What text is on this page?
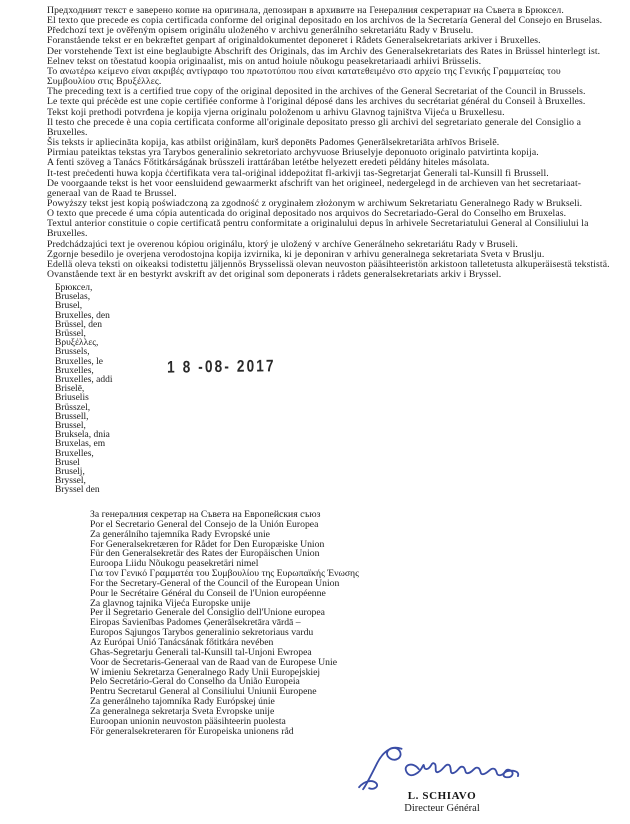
Предходният текст е заверено копие на оригинала, депозиран в архивите на Генералния секретариат на Съвета в Брюксел.
El texto que precede es copia certificada conforme del original depositado en los archivos de la Secretaría General del Consejo en Bruselas.
Předchozí text je ověřeným opisem originálu uloženého v archivu generálního sekretariátu Rady v Bruselu.
Foranstående tekst er en bekræftet genpart af originaldokumentet deponeret i Rådets Generalsekretariats arkiver i Bruxelles.
Der vorstehende Text ist eine beglaubigte Abschrift des Originals, das im Archiv des Generalsekretariats des Rates in Brüssel hinterlegt ist.
Eelnev tekst on tõestatud koopia originaalist, mis on antud hoiule nõukogu peasekretariaadi arhiivi Brüsselis.
Το ανωτέρω κείμενο είναι ακριβές αντίγραφο του πρωτοτύπου που είναι κατατεθειμένο στο αρχείο της Γενικής Γραμματείας του
Συμβουλίου στις Βρυξέλλες.
The preceding text is a certified true copy of the original deposited in the archives of the General Secretariat of the Council in Brussels.
Le texte qui précède est une copie certifiée conforme à l'original déposé dans les archives du secrétariat général du Conseil à Bruxelles.
Tekst koji prethodi potvrđena je kopija vjerna originalu položenom u arhivu Glavnog tajništva Vijeća u Bruxellesu.
Il testo che precede è una copia certificata conforme all'originale depositato presso gli archivi del segretariato generale del Consiglio a
Bruxelles.
Šis teksts ir apliecināta kopija, kas atbilst oriģinālam, kurš deponēts Padomes Ģenerālsekretariāta arhīvos Briselē.
Pirmiau pateiktas tekstas yra Tarybos generalinio sekretoriato archyvuose Briuselyje deponuoto originalo patvirtinta kopija.
A fenti szöveg a Tanács Főtitkárságának brüsszeli irattárában letétbe helyezett eredeti példány hiteles másolata.
It-test preċedenti huwa kopja ċċertifikata vera tal-oriġinal iddepożitat fl-arkivji tas-Segretarjat Ġenerali tal-Kunsill fi Brussell.
De voorgaande tekst is het voor eensluidend gewaarmerkt afschrift van het origineel, nedergelegd in de archieven van het secretariaat-
generaal van de Raad te Brussel.
Powyższy tekst jest kopią poświadczoną za zgodność z oryginałem złożonym w archiwum Sekretariatu Generalnego Rady w Brukseli.
O texto que precede é uma cópia autenticada do original depositado nos arquivos do Secretariado-Geral do Conselho em Bruxelas.
Textul anterior constituie o copie certificată pentru conformitate a originalului depus în arhivele Secretariatului General al Consiliului la
Bruxelles.
Predchádzajúci text je overenou kópiou originálu, ktorý je uložený v archíve Generálneho sekretariátu Rady v Bruseli.
Zgornje besedilo je overjena verodostojna kopija izvirnika, ki je deponiran v arhivu generalnega sekretariata Sveta v Bruslju.
Edellä oleva teksti on oikeaksi todistettu jäljennös Brysselissä olevan neuvoston pääsihteeristön arkistoon talletetusta alkuperäisestä tekstistä.
Ovanstående text är en bestyrkt avskrift av det original som deponerats i rådets generalsekretariats arkiv i Bryssel.
Брюксел,
Bruselas,
Brusel,
Bruxelles, den
Brüssel, den
Brüssel,
Βρυξέλλες,
Brussels,
Bruxelles, le
Bruxelles,
Bruxelles, addi
Briselē,
Briuselis
Brüsszel,
Brussell,
Brussel,
Bruksela, dnia
Bruxelas, em
Bruxelles,
Brusel
Bruselj,
Bryssel,
Bryssel den
1 8 -08- 2017
За генералния секретар на Съвета на Европейския съюз
Por el Secretario General del Consejo de la Unión Europea
Za generálního tajemníka Rady Evropské unie
For Generalsekretæren for Rådet for Den Europæiske Union
Für den Generalsekretär des Rates der Europäischen Union
Euroopa Liidu Nõukogu peasekretäri nimel
Για τον Γενικό Γραμματέα του Συμβουλίου της Ευρωπαϊκής Ένωσης
For the Secretary-General of the Council of the European Union
Pour le Secrétaire Général du Conseil de l'Union européenne
Za glavnog tajnika Vijeća Europske unije
Per il Segretario Generale del Consiglio dell'Unione europea
Eiropas Savienības Padomes Ģenerālsekretāra vārdā –
Europos Sąjungos Tarybos generalinio sekretoriaus vardu
Az Európai Unió Tanácsának főtitkára nevében
Għas-Segretarju Ġenerali tal-Kunsill tal-Unjoni Ewropea
Voor de Secretaris-Generaal van de Raad van de Europese Unie
W imieniu Sekretarza Generalnego Rady Unii Europejskiej
Pelo Secretário-Geral do Conselho da União Europeia
Pentru Secretarul General al Consiliului Uniunii Europene
Za generálneho tajomníka Rady Európskej únie
Za generalnega sekretarja Sveta Evropske unije
Euroopan unionin neuvoston pääsihteerin puolesta
För generalsekreteraren för Europeiska unionens råd
L. SCHIAVO
Directeur Général
